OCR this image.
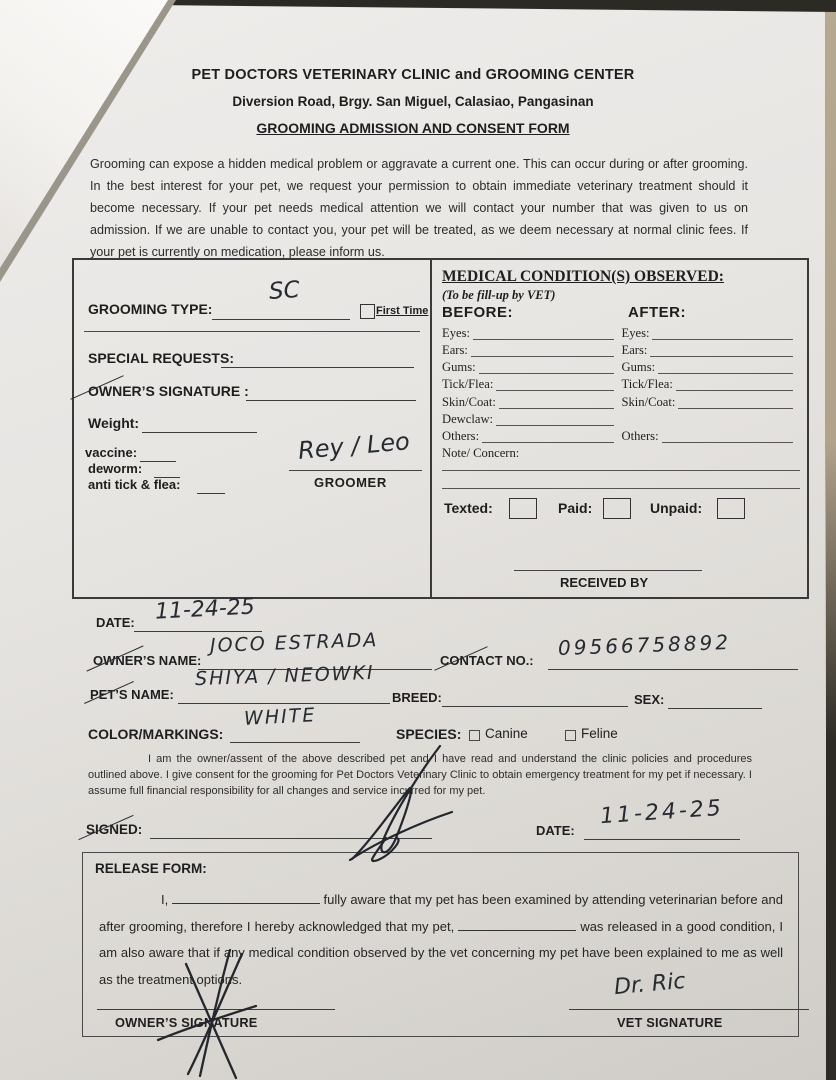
PET DOCTORS VETERINARY CLINIC and GROOMING CENTER
Diversion Road, Brgy. San Miguel, Calasiao, Pangasinan
GROOMING ADMISSION AND CONSENT FORM
Grooming can expose a hidden medical problem or aggravate a current one. This can occur during or after grooming. In the best interest for your pet, we request your permission to obtain immediate veterinary treatment should it become necessary. If your pet needs medical attention we will contact your number that was given to us on admission. If we are unable to contact you, your pet will be treated, as we deem necessary at normal clinic fees. If your pet is currently on medication, please inform us.
GROOMING TYPE:
SC
First Time
SPECIAL REQUESTS:
OWNER’S SIGNATURE :
Weight:
vaccine:
deworm:
anti tick & flea:
Rey / Leo
GROOMER
MEDICAL CONDITION(S) OBSERVED:
(To be fill-up by VET)
BEFORE:	AFTER:
Eyes:	Eyes:
Ears:	Ears:
Gums:	Gums:
Tick/Flea:	Tick/Flea:
Skin/Coat:	Skin/Coat:
Dewclaw:
Others:	Others:
Note/ Concern:
Texted:	Paid:	Unpaid:
RECEIVED BY
DATE: 11-24-25
OWNER’S NAME:
JOCO ESTRADA
CONTACT NO.:
09566758892
PET’S NAME:
SHIYA / NEOWKI
BREED:	SEX:
COLOR/MARKINGS:
WHITE
SPECIES: Canine	Feline
I am the owner/assent of the above described pet and I have read and understand the clinic policies and procedures outlined above. I give consent for the grooming for Pet Doctors Veterinary Clinic to obtain emergency treatment for my pet if necessary. I assume full financial responsibility for all changes and service incurred for my pet.
SIGNED:	DATE:
11-24-25
RELEASE FORM:
I,	fully aware that my pet has been examined by attending veterinarian before and after grooming, therefore I hereby acknowledged that my pet,	was released in a good condition, I am also aware that if any medical condition observed by the vet concerning my pet have been explained to me as well as the treatment options.
OWNER’S SIGNATURE	VET SIGNATURE
Dr. Ric
